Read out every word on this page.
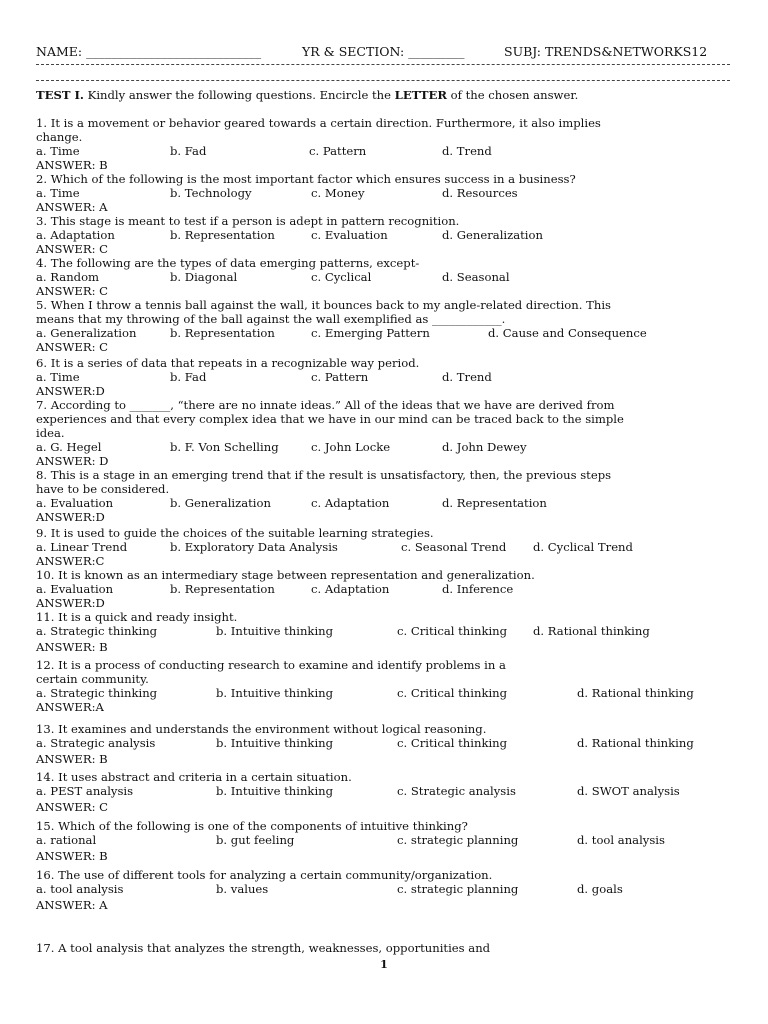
NAME: ____________________________	YR & SECTION: _________	SUBJ: TRENDS&NETWORKS12
TEST I. Kindly answer the following questions. Encircle the LETTER of the chosen answer.
1. It is a movement or behavior geared towards a certain direction. Furthermore, it also implies
change.
a. Time	b. Fad	c. Pattern	d. Trend
ANSWER: B
2. Which of the following is the most important factor which ensures success in a business?
a. Time	b. Technology	c. Money	d. Resources
ANSWER: A
3. This stage is meant to test if a person is adept in pattern recognition.
a. Adaptation	b. Representation	c. Evaluation	d. Generalization
ANSWER: C
4. The following are the types of data emerging patterns, except-
a. Random	b. Diagonal	c. Cyclical	d. Seasonal
ANSWER: C
5. When I throw a tennis ball against the wall, it bounces back to my angle-related direction. This
means that my throwing of the ball against the wall exemplified as ____________.
a. Generalization	b. Representation	c. Emerging Pattern	d. Cause and Consequence
ANSWER: C
6. It is a series of data that repeats in a recognizable way period.
a. Time	b. Fad	c. Pattern	d. Trend
ANSWER:D
7. According to _______, “there are no innate ideas.” All of the ideas that we have are derived from
experiences and that every complex idea that we have in our mind can be traced back to the simple
idea.
a. G. Hegel	b. F. Von Schelling	c. John Locke	d. John Dewey
ANSWER: D
8. This is a stage in an emerging trend that if the result is unsatisfactory, then, the previous steps
have to be considered.
a. Evaluation	b. Generalization	c. Adaptation	d. Representation
ANSWER:D
9. It is used to guide the choices of the suitable learning strategies.
a. Linear Trend	b. Exploratory Data Analysis	c. Seasonal Trend d. Cyclical Trend
ANSWER:C
10. It is known as an intermediary stage between representation and generalization.
a. Evaluation	b. Representation	c. Adaptation	d. Inference
ANSWER:D
11. It is a quick and ready insight.
a. Strategic thinking	b. Intuitive thinking	c. Critical thinking d. Rational thinking
ANSWER: B
12. It is a process of conducting research to examine and identify problems in a
certain community.
a. Strategic thinking	b. Intuitive thinking	c. Critical thinking	d. Rational thinking
ANSWER:A
13. It examines and understands the environment without logical reasoning.
a. Strategic analysis	b. Intuitive thinking	c. Critical thinking	d. Rational thinking
ANSWER: B
14. It uses abstract and criteria in a certain situation.
a. PEST analysis	b. Intuitive thinking	c. Strategic analysis	d. SWOT analysis
ANSWER: C
15. Which of the following is one of the components of intuitive thinking?
a. rational	b. gut feeling	c. strategic planning	d. tool analysis
ANSWER: B
16. The use of different tools for analyzing a certain community/organization.
a. tool analysis	b. values	c. strategic planning	d. goals
ANSWER: A
17. A tool analysis that analyzes the strength, weaknesses, opportunities and
1
